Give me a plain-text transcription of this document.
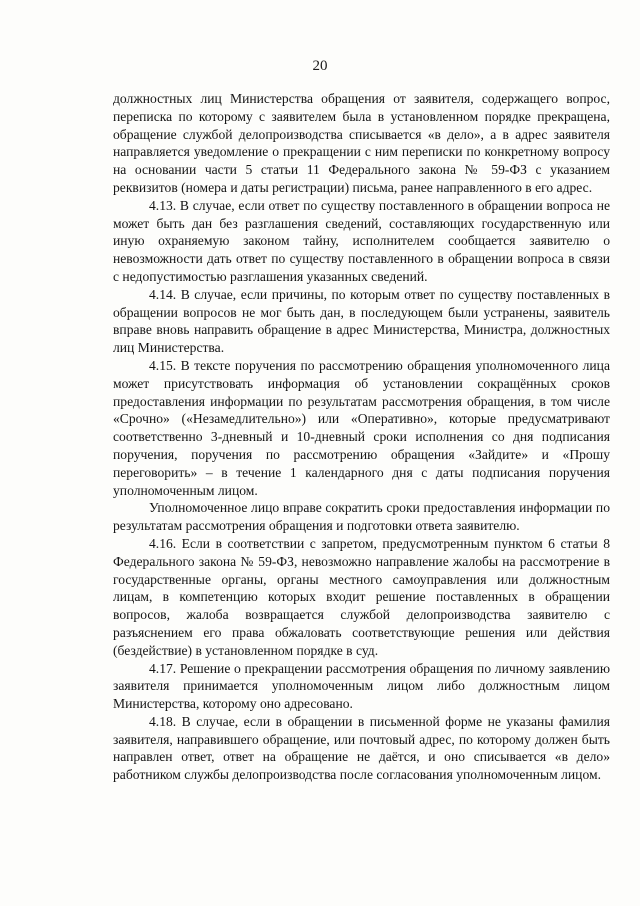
20

должностных лиц Министерства обращения от заявителя, содержащего вопрос, переписка по которому с заявителем была в установленном порядке прекращена, обращение службой делопроизводства списывается «в дело», а в адрес заявителя направляется уведомление о прекращении с ним переписки по конкретному вопросу на основании части 5 статьи 11 Федерального закона № 59-ФЗ с указанием реквизитов (номера и даты регистрации) письма, ранее направленного в его адрес.

4.13. В случае, если ответ по существу поставленного в обращении вопроса не может быть дан без разглашения сведений, составляющих государственную или иную охраняемую законом тайну, исполнителем сообщается заявителю о невозможности дать ответ по существу поставленного в обращении вопроса в связи с недопустимостью разглашения указанных сведений.

4.14. В случае, если причины, по которым ответ по существу поставленных в обращении вопросов не мог быть дан, в последующем были устранены, заявитель вправе вновь направить обращение в адрес Министерства, Министра, должностных лиц Министерства.

4.15. В тексте поручения по рассмотрению обращения уполномоченного лица может присутствовать информация об установлении сокращённых сроков предоставления информации по результатам рассмотрения обращения, в том числе «Срочно» («Незамедлительно») или «Оперативно», которые предусматривают соответственно 3-дневный и 10-дневный сроки исполнения со дня подписания поручения, поручения по рассмотрению обращения «Зайдите» и «Прошу переговорить» – в течение 1 календарного дня с даты подписания поручения уполномоченным лицом.

Уполномоченное лицо вправе сократить сроки предоставления информации по результатам рассмотрения обращения и подготовки ответа заявителю.

4.16. Если в соответствии с запретом, предусмотренным пунктом 6 статьи 8 Федерального закона № 59-ФЗ, невозможно направление жалобы на рассмотрение в государственные органы, органы местного самоуправления или должностным лицам, в компетенцию которых входит решение поставленных в обращении вопросов, жалоба возвращается службой делопроизводства заявителю с разъяснением его права обжаловать соответствующие решения или действия (бездействие) в установленном порядке в суд.

4.17. Решение о прекращении рассмотрения обращения по личному заявлению заявителя принимается уполномоченным лицом либо должностным лицом Министерства, которому оно адресовано.

4.18. В случае, если в обращении в письменной форме не указаны фамилия заявителя, направившего обращение, или почтовый адрес, по которому должен быть направлен ответ, ответ на обращение не даётся, и оно списывается «в дело» работником службы делопроизводства после согласования уполномоченным лицом.
